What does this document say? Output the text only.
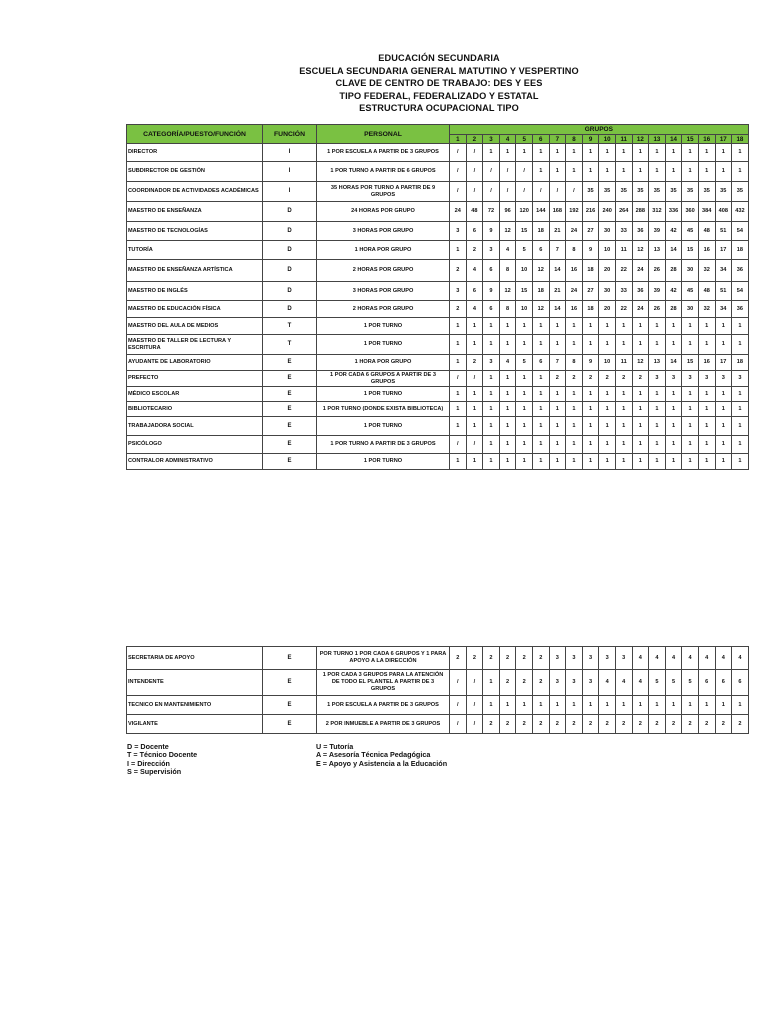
EDUCACIÓN SECUNDARIA
ESCUELA SECUNDARIA GENERAL MATUTINO Y VESPERTINO
CLAVE DE CENTRO DE TRABAJO: DES Y EES
TIPO FEDERAL, FEDERALIZADO Y ESTATAL
ESTRUCTURA OCUPACIONAL TIPO
CATEGORÍA/PUESTO/FUNCIÓN	FUNCIÓN	PERSONAL	GRUPOS																	
			1	2	3	4	5	6	7	8	9	10	11	12	13	14	15	16	17	18
DIRECTOR	I	1 POR ESCUELA A PARTIR DE 3 GRUPOS	/	/	1	1	1	1	1	1	1	1	1	1	1	1	1	1	1	1
SUBDIRECTOR DE GESTIÓN	I	1 POR TURNO A PARTIR DE 6 GRUPOS	/	/	/	/	/	1	1	1	1	1	1	1	1	1	1	1	1	1
COORDINADOR DE ACTIVIDADES ACADÉMICAS	I	35 HORAS POR TURNO A PARTIR DE 9 GRUPOS	/	/	/	/	/	/	/	/	35	35	35	35	35	35	35	35	35	35
MAESTRO DE ENSEÑANZA	D	24 HORAS POR GRUPO	24	48	72	96	120	144	168	192	216	240	264	288	312	336	360	384	408	432
MAESTRO DE TECNOLOGÍAS	D	3 HORAS POR GRUPO	3	6	9	12	15	18	21	24	27	30	33	36	39	42	45	48	51	54
TUTORÍA	D	1 HORA POR GRUPO	1	2	3	4	5	6	7	8	9	10	11	12	13	14	15	16	17	18
MAESTRO DE ENSEÑANZA ARTÍSTICA	D	2 HORAS POR GRUPO	2	4	6	8	10	12	14	16	18	20	22	24	26	28	30	32	34	36
MAESTRO DE INGLÉS	D	3 HORAS POR GRUPO	3	6	9	12	15	18	21	24	27	30	33	36	39	42	45	48	51	54
MAESTRO DE EDUCACIÓN FÍSICA	D	2 HORAS POR GRUPO	2	4	6	8	10	12	14	16	18	20	22	24	26	28	30	32	34	36
MAESTRO DEL AULA DE MEDIOS	T	1 POR TURNO	1	1	1	1	1	1	1	1	1	1	1	1	1	1	1	1	1	1
MAESTRO DE TALLER DE LECTURA Y ESCRITURA	T	1 POR TURNO	1	1	1	1	1	1	1	1	1	1	1	1	1	1	1	1	1	1
AYUDANTE DE LABORATORIO	E	1 HORA POR GRUPO	1	2	3	4	5	6	7	8	9	10	11	12	13	14	15	16	17	18
PREFECTO	E	1 POR CADA 6 GRUPOS A PARTIR DE 3 GRUPOS	/	/	1	1	1	1	2	2	2	2	2	2	3	3	3	3	3	3
MÉDICO ESCOLAR	E	1 POR TURNO	1	1	1	1	1	1	1	1	1	1	1	1	1	1	1	1	1	1
BIBLIOTECARIO	E	1 POR TURNO (DONDE EXISTA BIBLIOTECA)	1	1	1	1	1	1	1	1	1	1	1	1	1	1	1	1	1	1
TRABAJADORA SOCIAL	E	1 POR TURNO	1	1	1	1	1	1	1	1	1	1	1	1	1	1	1	1	1	1
PSICÓLOGO	E	1 POR TURNO A PARTIR DE 3 GRUPOS	/	/	1	1	1	1	1	1	1	1	1	1	1	1	1	1	1	1
CONTRALOR ADMINISTRATIVO	E	1 POR TURNO	1	1	1	1	1	1	1	1	1	1	1	1	1	1	1	1	1	1
SECRETARIA DE APOYO	E	POR TURNO 1 POR CADA 6 GRUPOS Y 1 PARA APOYO A LA DIRECCIÓN	2	2	2	2	2	2	3	3	3	3	3	4	4	4	4	4	4	4
INTENDENTE	E	1 POR CADA 3 GRUPOS PARA LA ATENCIÓN DE TODO EL PLANTEL A PARTIR DE 3 GRUPOS	/	/	1	2	2	2	3	3	3	4	4	4	5	5	5	6	6	6
TECNICO EN MANTENIMIENTO	E	1 POR ESCUELA A PARTIR DE 3 GRUPOS	/	/	1	1	1	1	1	1	1	1	1	1	1	1	1	1	1	1
VIGILANTE	E	2 POR INMUEBLE A PARTIR DE 3 GRUPOS	/	/	2	2	2	2	2	2	2	2	2	2	2	2	2	2	2	2
D = Docente
T = Técnico Docente
I = Dirección
S = Supervisión
U = Tutoría
A = Asesoría Técnica Pedagógica
E = Apoyo y Asistencia a la Educación
